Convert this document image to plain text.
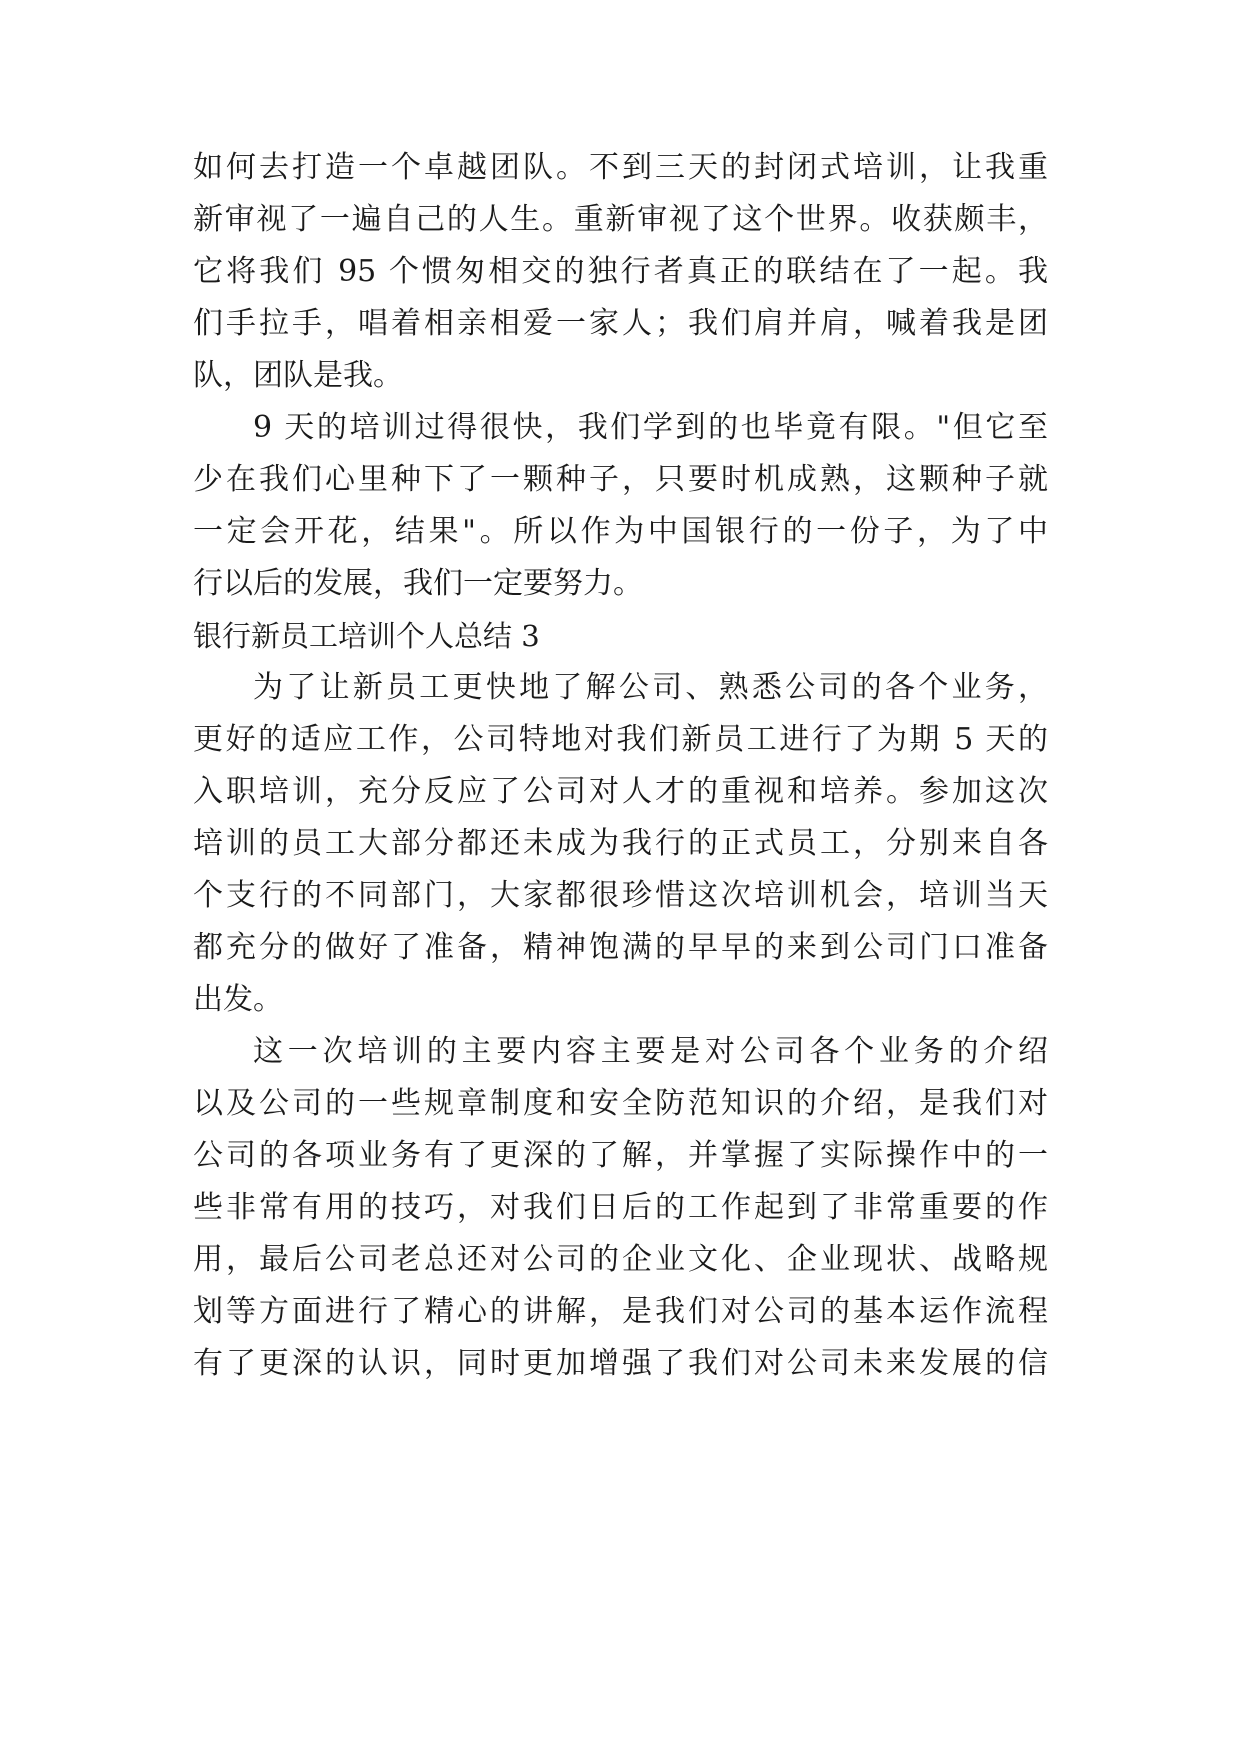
如何去打造一个卓越团队。不到三天的封闭式培训，让我重

新审视了一遍自己的人生。重新审视了这个世界。收获颇丰，

它将我们 95 个惯匆相交的独行者真正的联结在了一起。我

们手拉手，唱着相亲相爱一家人；我们肩并肩，喊着我是团

队，团队是我。

9 天的培训过得很快，我们学到的也毕竟有限。"但它至

少在我们心里种下了一颗种子，只要时机成熟，这颗种子就

一定会开花，结果"。所以作为中国银行的一份子，为了中

行以后的发展，我们一定要努力。

银行新员工培训个人总结 3

为了让新员工更快地了解公司、熟悉公司的各个业务，

更好的适应工作，公司特地对我们新员工进行了为期 5 天的

入职培训，充分反应了公司对人才的重视和培养。参加这次

培训的员工大部分都还未成为我行的正式员工，分别来自各

个支行的不同部门，大家都很珍惜这次培训机会，培训当天

都充分的做好了准备，精神饱满的早早的来到公司门口准备

出发。

这一次培训的主要内容主要是对公司各个业务的介绍

以及公司的一些规章制度和安全防范知识的介绍，是我们对

公司的各项业务有了更深的了解，并掌握了实际操作中的一

些非常有用的技巧，对我们日后的工作起到了非常重要的作

用，最后公司老总还对公司的企业文化、企业现状、战略规

划等方面进行了精心的讲解，是我们对公司的基本运作流程

有了更深的认识，同时更加增强了我们对公司未来发展的信
